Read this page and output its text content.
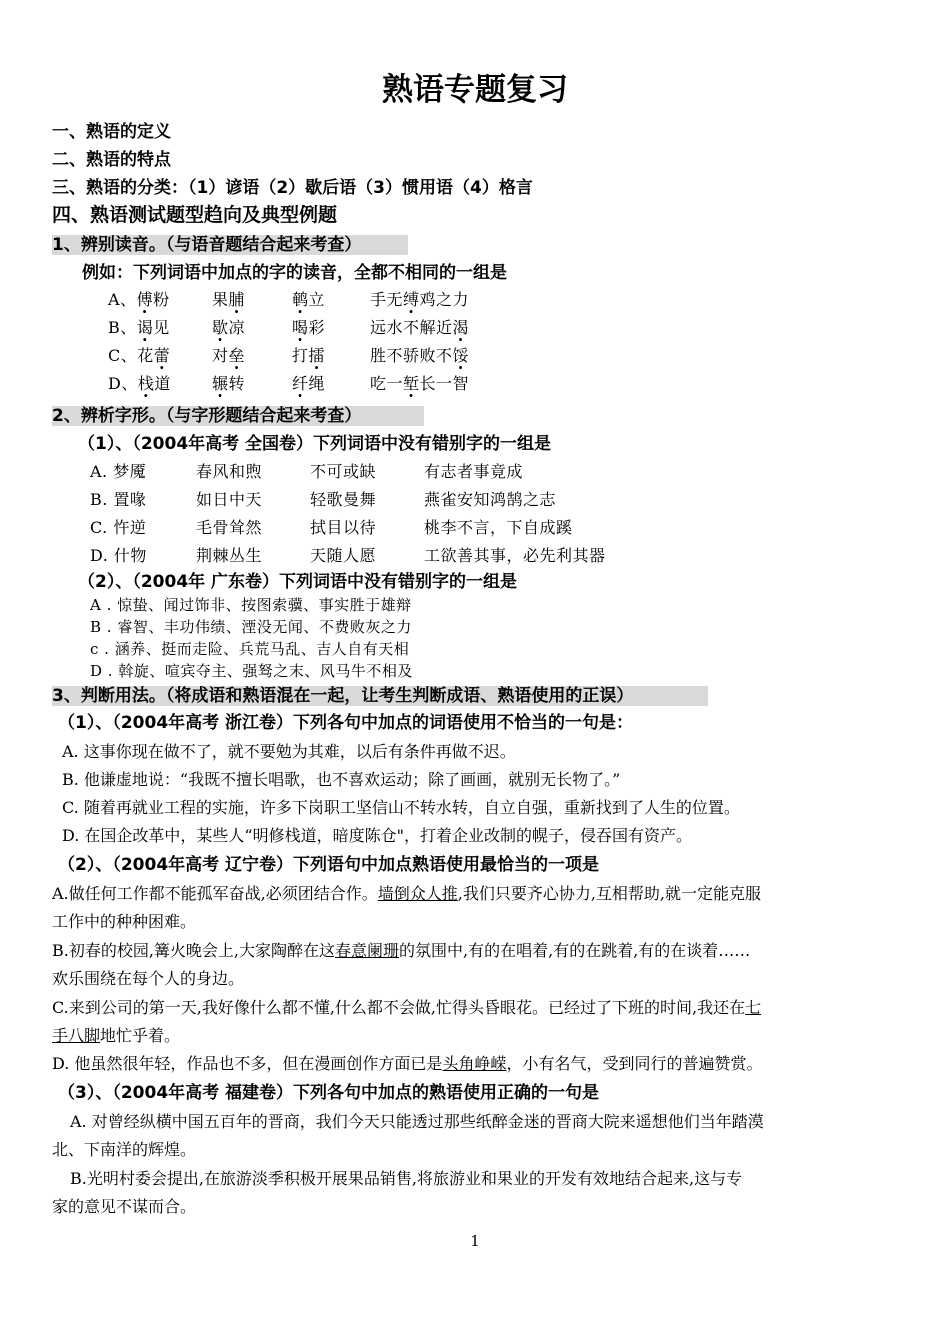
熟语专题复习
一、熟语的定义
二、熟语的特点
三、熟语的分类：（1）谚语（2）歇后语（3）惯用语（4）格言
四、熟语测试题型趋向及典型例题
1、辨别读音。（与语音题结合起来考查）
例如：下列词语中加点的字的读音，全都不相同的一组是
A、傅粉	果脯	鹌立	手无缚鸡之力
B、谒见	歇凉	喝彩	远水不解近渴
C、花蕾	对垒	打擂	胜不骄败不馁
D、栈道	辗转	纤绳	吃一堑长一智
2、辨析字形。（与字形题结合起来考查）
（1）、（2004年高考 全国卷）下列词语中没有错别字的一组是
A. 梦魇	春风和煦	不可或缺	有志者事竟成
B. 置喙	如日中天	轻歌曼舞	燕雀安知鸿鹄之志
C. 忤逆	毛骨耸然	拭目以待	桃李不言，下自成蹊
D. 什物	荆棘丛生	天随人愿	工欲善其事，必先利其器
（2）、（2004年 广东卷）下列词语中没有错别字的一组是
A . 惊蛰、闻过饰非、按图索骥、事实胜于雄辩
B . 睿智、丰功伟绩、湮没无闻、不费败灰之力
c . 涵养、挺而走险、兵荒马乱、吉人自有天相
D . 斡旋、喧宾夺主、强驽之末、风马牛不相及
3、判断用法。（将成语和熟语混在一起，让考生判断成语、熟语使用的正误）
（1）、（2004年高考 浙江卷）下列各句中加点的词语使用不恰当的一句是：
A. 这事你现在做不了，就不要勉为其难，以后有条件再做不迟。
B. 他谦虚地说：“我既不擅长唱歌，也不喜欢运动；除了画画，就别无长物了。”
C. 随着再就业工程的实施，许多下岗职工坚信山不转水转，自立自强，重新找到了人生的位置。
D. 在国企改革中，某些人“明修栈道，暗度陈仓"，打着企业改制的幌子，侵吞国有资产。
（2）、（2004年高考 辽宁卷）下列语句中加点熟语使用最恰当的一项是
A.做任何工作都不能孤军奋战,必须团结合作。墙倒众人推,我们只要齐心协力,互相帮助,就一定能克服
工作中的种种困难。
B.初春的校园,篝火晚会上,大家陶醉在这春意阑珊的氛围中,有的在唱着,有的在跳着,有的在谈着……
欢乐围绕在每个人的身边。
C.来到公司的第一天,我好像什么都不懂,什么都不会做,忙得头昏眼花。已经过了下班的时间,我还在七
手八脚地忙乎着。
D. 他虽然很年轻，作品也不多，但在漫画创作方面已是头角峥嵘，小有名气，受到同行的普遍赞赏。
（3）、（2004年高考 福建卷）下列各句中加点的熟语使用正确的一句是
A. 对曾经纵横中国五百年的晋商，我们今天只能透过那些纸醉金迷的晋商大院来遥想他们当年踏漠
北、下南洋的辉煌。
B.光明村委会提出,在旅游淡季积极开展果品销售,将旅游业和果业的开发有效地结合起来,这与专
家的意见不谋而合。
1
